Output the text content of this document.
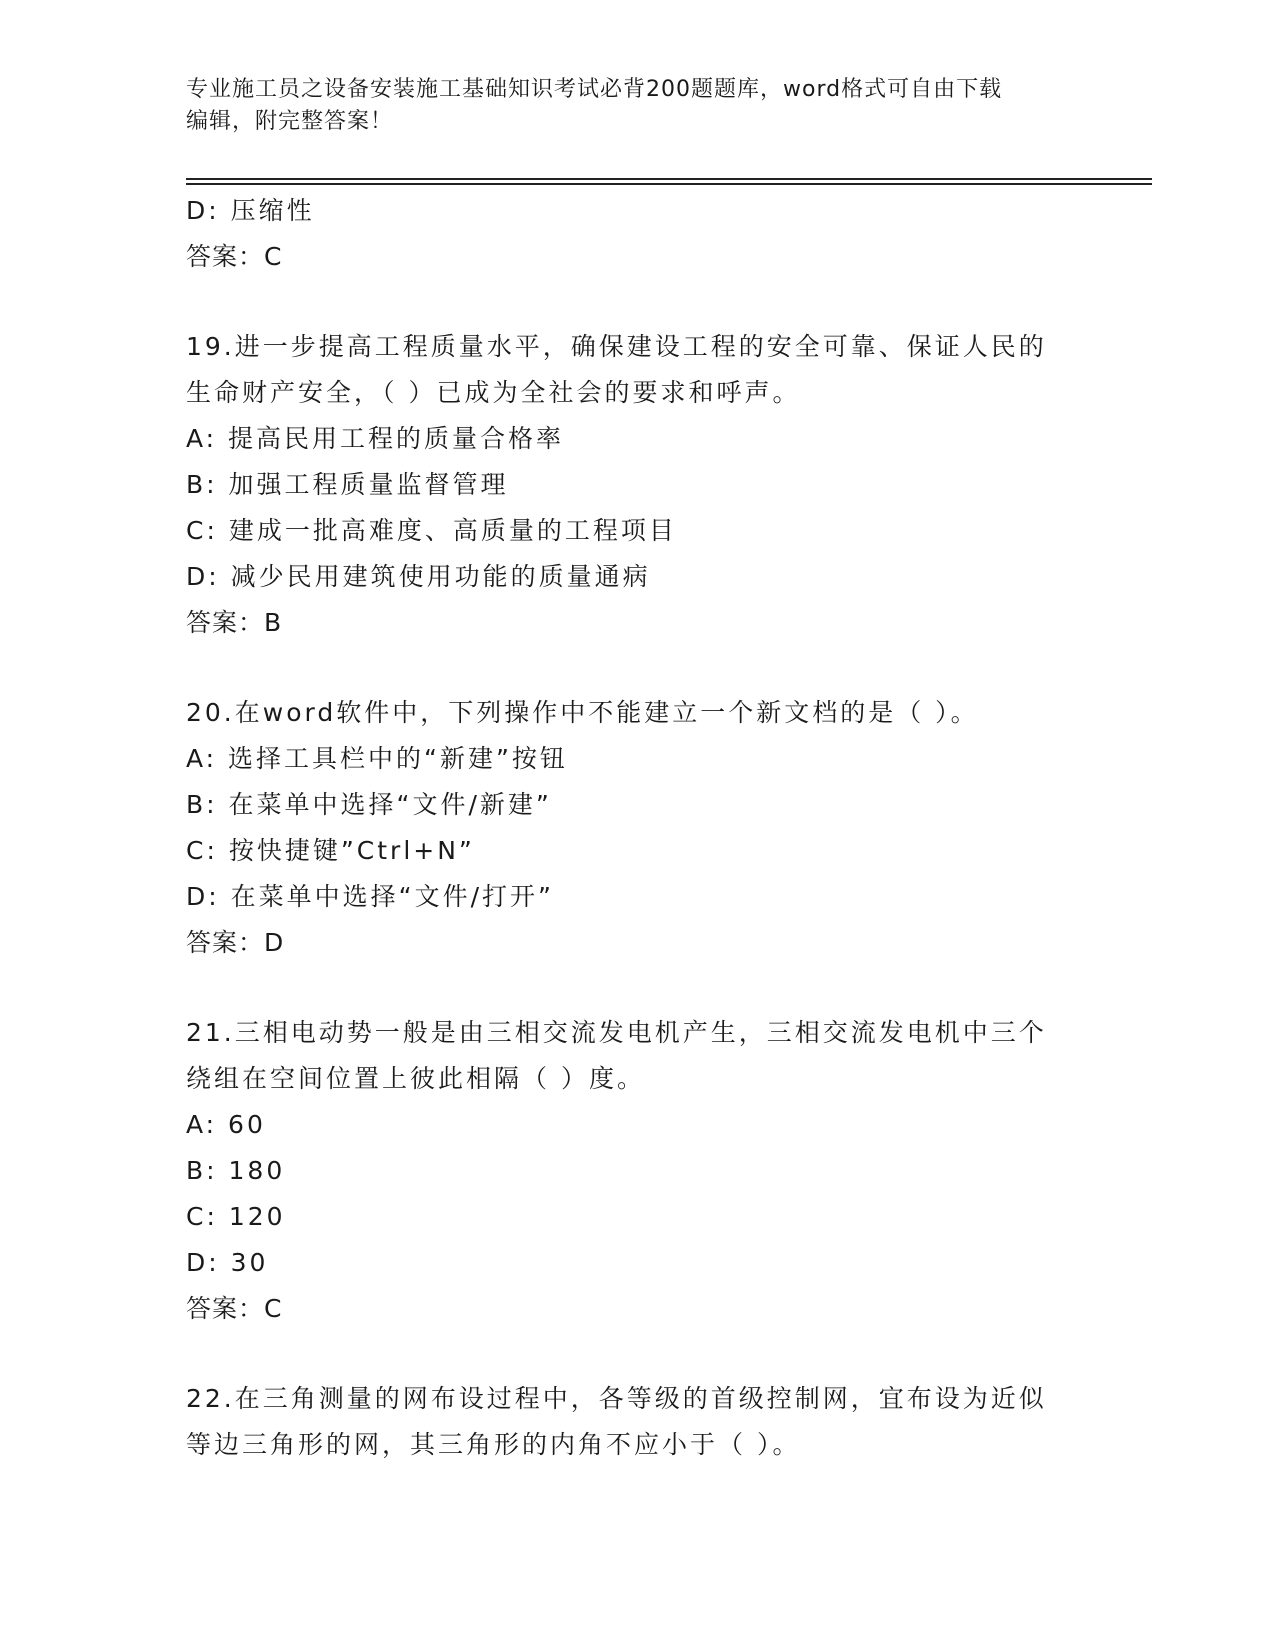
专业施工员之设备安装施工基础知识考试必背200题题库，word格式可自由下载
编辑，附完整答案！
D: 压缩性
答案：C
19.进一步提高工程质量水平，确保建设工程的安全可靠、保证人民的
生命财产安全，（ ）已成为全社会的要求和呼声。
A: 提高民用工程的质量合格率
B: 加强工程质量监督管理
C: 建成一批高难度、高质量的工程项目
D: 减少民用建筑使用功能的质量通病
答案：B
20.在word软件中，下列操作中不能建立一个新文档的是（ ）。
A: 选择工具栏中的“新建”按钮
B: 在菜单中选择“文件/新建”
C: 按快捷键”Ctrl+N”
D: 在菜单中选择“文件/打开”
答案：D
21.三相电动势一般是由三相交流发电机产生，三相交流发电机中三个
绕组在空间位置上彼此相隔（ ）度。
A: 60
B: 180
C: 120
D: 30
答案：C
22.在三角测量的网布设过程中，各等级的首级控制网，宜布设为近似
等边三角形的网，其三角形的内角不应小于（ ）。
